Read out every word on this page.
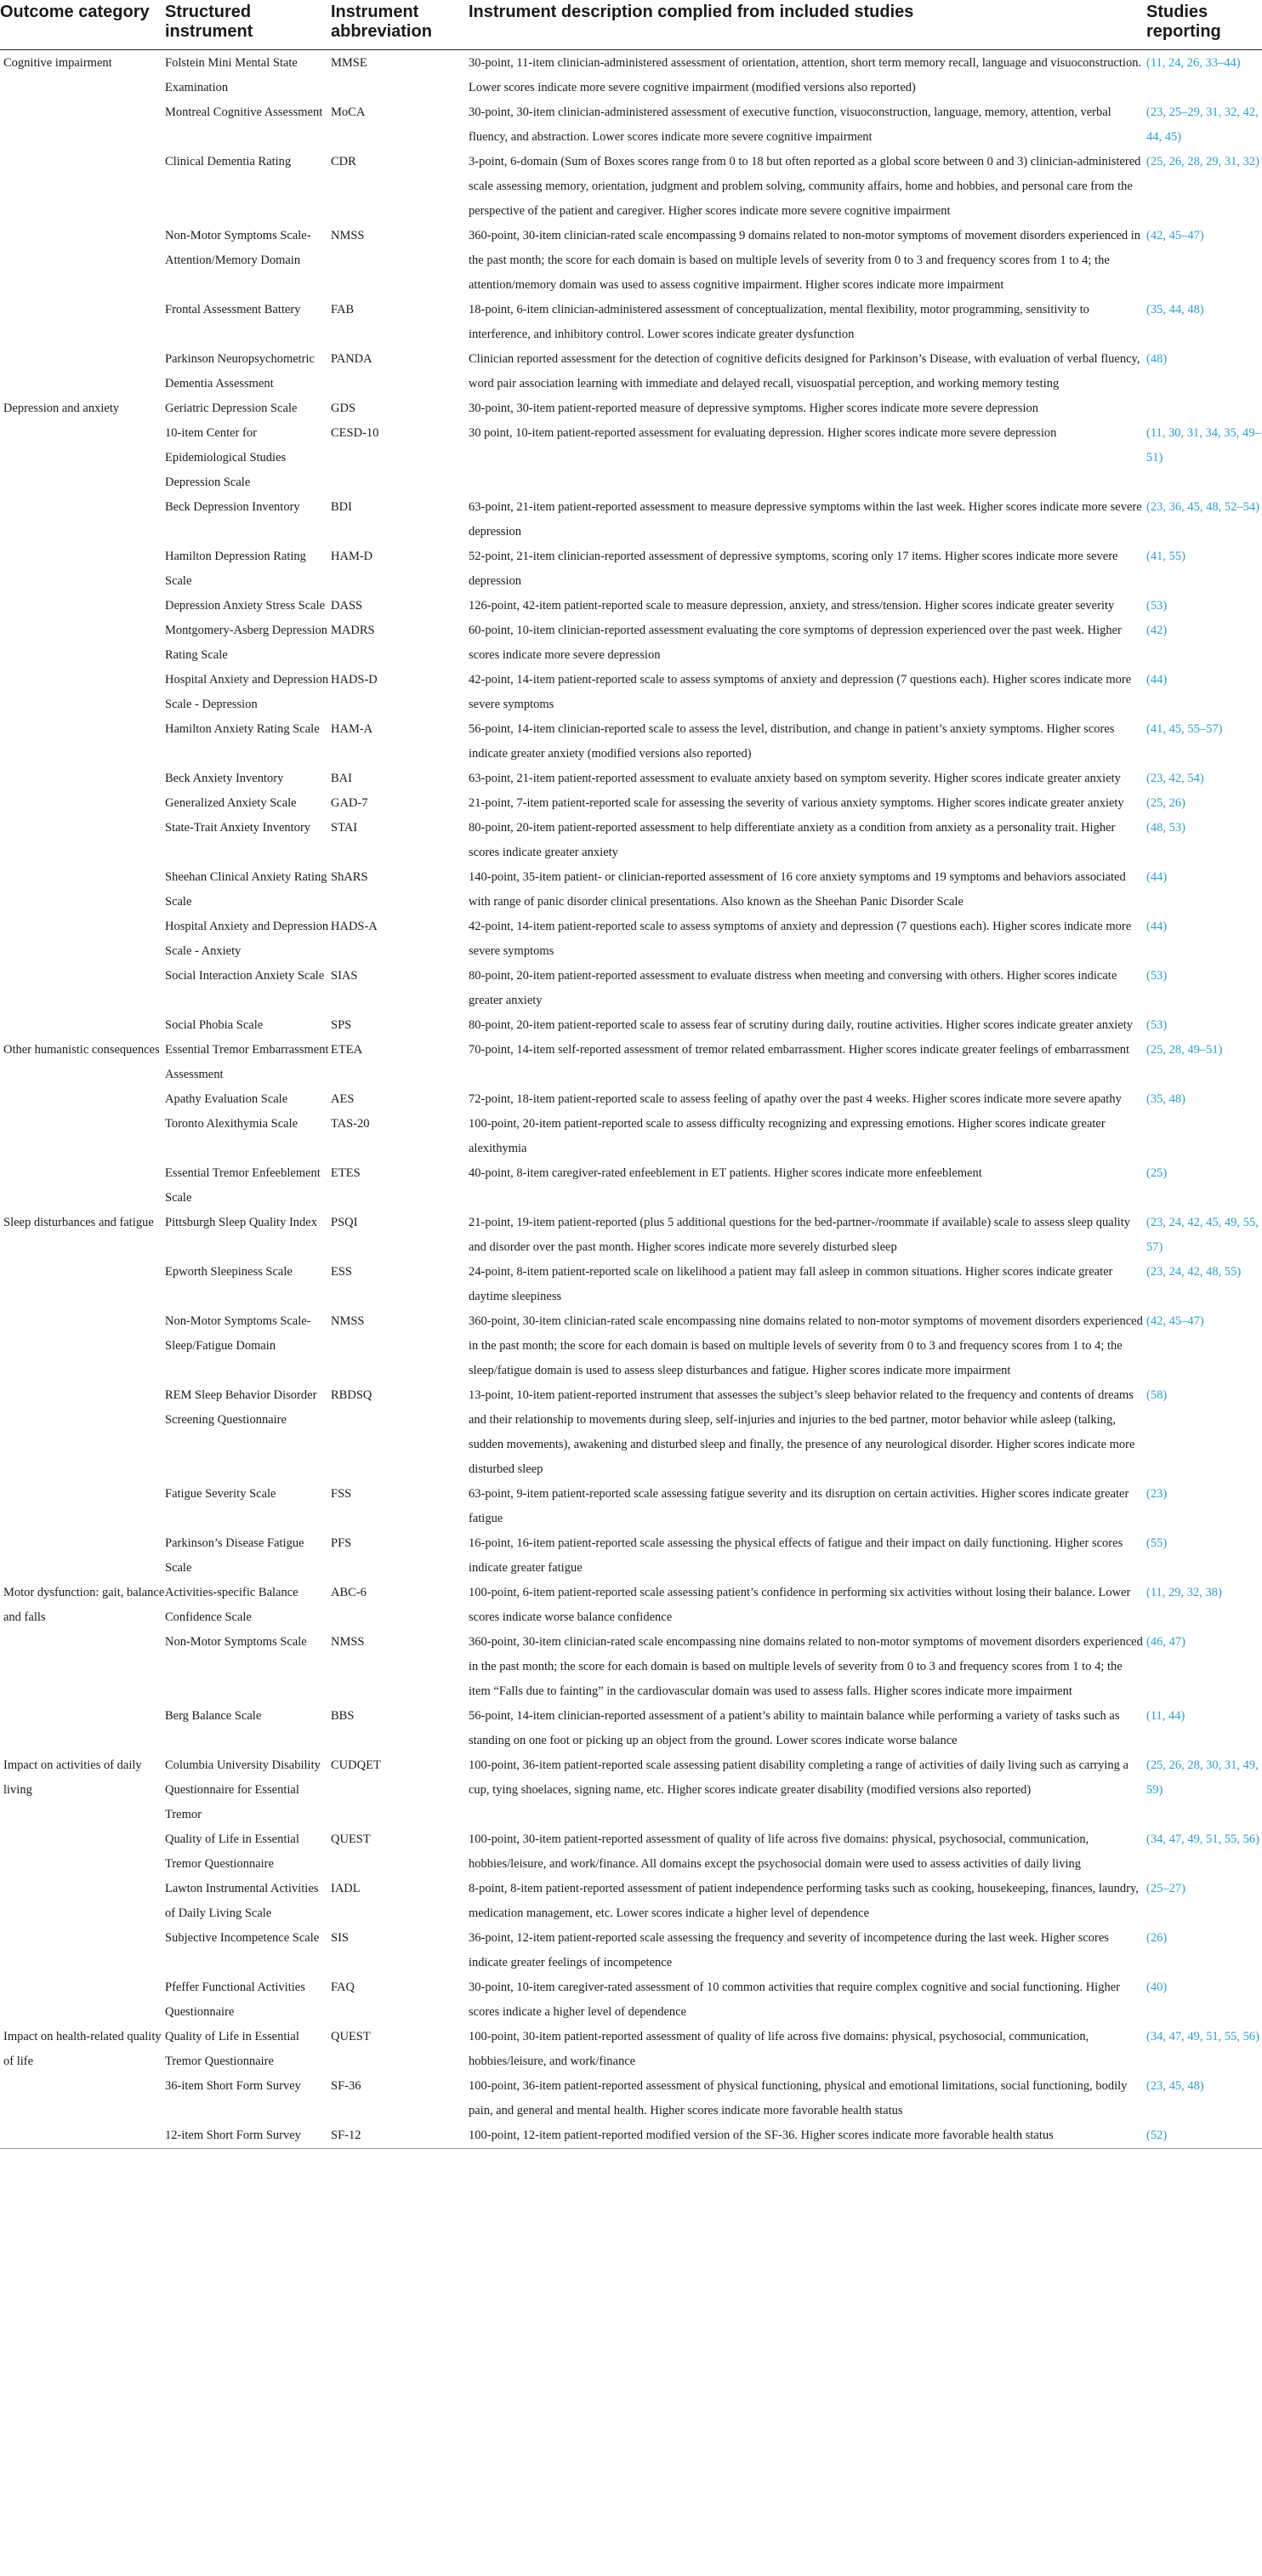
Outcome category	Structured instrument	Instrument abbreviation	Instrument description complied from included studies	Studies reporting
Cognitive impairment	Folstein Mini Mental State Examination	MMSE	30-point, 11-item clinician-administered assessment of orientation, attention, short term memory recall, language and visuoconstruction. Lower scores indicate more severe cognitive impairment (modified versions also reported)	(11, 24, 26, 33–44)
	Montreal Cognitive Assessment	MoCA	30-point, 30-item clinician-administered assessment of executive function, visuoconstruction, language, memory, attention, verbal fluency, and abstraction. Lower scores indicate more severe cognitive impairment	(23, 25–29, 31, 32, 42, 44, 45)
	Clinical Dementia Rating	CDR	3-point, 6-domain (Sum of Boxes scores range from 0 to 18 but often reported as a global score between 0 and 3) clinician-administered scale assessing memory, orientation, judgment and problem solving, community affairs, home and hobbies, and personal care from the perspective of the patient and caregiver. Higher scores indicate more severe cognitive impairment	(25, 26, 28, 29, 31, 32)
	Non-Motor Symptoms Scale-Attention/Memory Domain	NMSS	360-point, 30-item clinician-rated scale encompassing 9 domains related to non-motor symptoms of movement disorders experienced in the past month; the score for each domain is based on multiple levels of severity from 0 to 3 and frequency scores from 1 to 4; the attention/memory domain was used to assess cognitive impairment. Higher scores indicate more impairment	(42, 45–47)
	Frontal Assessment Battery	FAB	18-point, 6-item clinician-administered assessment of conceptualization, mental flexibility, motor programming, sensitivity to interference, and inhibitory control. Lower scores indicate greater dysfunction	(35, 44, 48)
	Parkinson Neuropsychometric Dementia Assessment	PANDA	Clinician reported assessment for the detection of cognitive deficits designed for Parkinson’s Disease, with evaluation of verbal fluency, word pair association learning with immediate and delayed recall, visuospatial perception, and working memory testing	(48)
Depression and anxiety	Geriatric Depression Scale	GDS	30-point, 30-item patient-reported measure of depressive symptoms. Higher scores indicate more severe depression	
	10-item Center for Epidemiological Studies Depression Scale	CESD-10	30 point, 10-item patient-reported assessment for evaluating depression. Higher scores indicate more severe depression	(11, 30, 31, 34, 35, 49–51)
	Beck Depression Inventory	BDI	63-point, 21-item patient-reported assessment to measure depressive symptoms within the last week. Higher scores indicate more severe depression	(23, 36, 45, 48, 52–54)
	Hamilton Depression Rating Scale	HAM-D	52-point, 21-item clinician-reported assessment of depressive symptoms, scoring only 17 items. Higher scores indicate more severe depression	(41, 55)
	Depression Anxiety Stress Scale	DASS	126-point, 42-item patient-reported scale to measure depression, anxiety, and stress/tension. Higher scores indicate greater severity	(53)
	Montgomery-Asberg Depression Rating Scale	MADRS	60-point, 10-item clinician-reported assessment evaluating the core symptoms of depression experienced over the past week. Higher scores indicate more severe depression	(42)
	Hospital Anxiety and Depression Scale - Depression	HADS-D	42-point, 14-item patient-reported scale to assess symptoms of anxiety and depression (7 questions each). Higher scores indicate more severe symptoms	(44)
	Hamilton Anxiety Rating Scale	HAM-A	56-point, 14-item clinician-reported scale to assess the level, distribution, and change in patient’s anxiety symptoms. Higher scores indicate greater anxiety (modified versions also reported)	(41, 45, 55–57)
	Beck Anxiety Inventory	BAI	63-point, 21-item patient-reported assessment to evaluate anxiety based on symptom severity. Higher scores indicate greater anxiety	(23, 42, 54)
	Generalized Anxiety Scale	GAD-7	21-point, 7-item patient-reported scale for assessing the severity of various anxiety symptoms. Higher scores indicate greater anxiety	(25, 26)
	State-Trait Anxiety Inventory	STAI	80-point, 20-item patient-reported assessment to help differentiate anxiety as a condition from anxiety as a personality trait. Higher scores indicate greater anxiety	(48, 53)
	Sheehan Clinical Anxiety Rating Scale	ShARS	140-point, 35-item patient- or clinician-reported assessment of 16 core anxiety symptoms and 19 symptoms and behaviors associated with range of panic disorder clinical presentations. Also known as the Sheehan Panic Disorder Scale	(44)
	Hospital Anxiety and Depression Scale - Anxiety	HADS-A	42-point, 14-item patient-reported scale to assess symptoms of anxiety and depression (7 questions each). Higher scores indicate more severe symptoms	(44)
	Social Interaction Anxiety Scale	SIAS	80-point, 20-item patient-reported assessment to evaluate distress when meeting and conversing with others. Higher scores indicate greater anxiety	(53)
	Social Phobia Scale	SPS	80-point, 20-item patient-reported scale to assess fear of scrutiny during daily, routine activities. Higher scores indicate greater anxiety	(53)
Other humanistic consequences	Essential Tremor Embarrassment Assessment	ETEA	70-point, 14-item self-reported assessment of tremor related embarrassment. Higher scores indicate greater feelings of embarrassment	(25, 28, 49–51)
	Apathy Evaluation Scale	AES	72-point, 18-item patient-reported scale to assess feeling of apathy over the past 4 weeks. Higher scores indicate more severe apathy	(35, 48)
	Toronto Alexithymia Scale	TAS-20	100-point, 20-item patient-reported scale to assess difficulty recognizing and expressing emotions. Higher scores indicate greater alexithymia	
	Essential Tremor Enfeeblement Scale	ETES	40-point, 8-item caregiver-rated enfeeblement in ET patients. Higher scores indicate more enfeeblement	(25)
Sleep disturbances and fatigue	Pittsburgh Sleep Quality Index	PSQI	21-point, 19-item patient-reported (plus 5 additional questions for the bed-partner-/roommate if available) scale to assess sleep quality and disorder over the past month. Higher scores indicate more severely disturbed sleep	(23, 24, 42, 45, 49, 55, 57)
	Epworth Sleepiness Scale	ESS	24-point, 8-item patient-reported scale on likelihood a patient may fall asleep in common situations. Higher scores indicate greater daytime sleepiness	(23, 24, 42, 48, 55)
	Non-Motor Symptoms Scale-Sleep/Fatigue Domain	NMSS	360-point, 30-item clinician-rated scale encompassing nine domains related to non-motor symptoms of movement disorders experienced in the past month; the score for each domain is based on multiple levels of severity from 0 to 3 and frequency scores from 1 to 4; the sleep/fatigue domain is used to assess sleep disturbances and fatigue. Higher scores indicate more impairment	(42, 45–47)
	REM Sleep Behavior Disorder Screening Questionnaire	RBDSQ	13-point, 10-item patient-reported instrument that assesses the subject’s sleep behavior related to the frequency and contents of dreams and their relationship to movements during sleep, self-injuries and injuries to the bed partner, motor behavior while asleep (talking, sudden movements), awakening and disturbed sleep and finally, the presence of any neurological disorder. Higher scores indicate more disturbed sleep	(58)
	Fatigue Severity Scale	FSS	63-point, 9-item patient-reported scale assessing fatigue severity and its disruption on certain activities. Higher scores indicate greater fatigue	(23)
	Parkinson’s Disease Fatigue Scale	PFS	16-point, 16-item patient-reported scale assessing the physical effects of fatigue and their impact on daily functioning. Higher scores indicate greater fatigue	(55)
Motor dysfunction: gait, balance and falls	Activities-specific Balance Confidence Scale	ABC-6	100-point, 6-item patient-reported scale assessing patient’s confidence in performing six activities without losing their balance. Lower scores indicate worse balance confidence	(11, 29, 32, 38)
	Non-Motor Symptoms Scale	NMSS	360-point, 30-item clinician-rated scale encompassing nine domains related to non-motor symptoms of movement disorders experienced in the past month; the score for each domain is based on multiple levels of severity from 0 to 3 and frequency scores from 1 to 4; the item “Falls due to fainting” in the cardiovascular domain was used to assess falls. Higher scores indicate more impairment	(46, 47)
	Berg Balance Scale	BBS	56-point, 14-item clinician-reported assessment of a patient’s ability to maintain balance while performing a variety of tasks such as standing on one foot or picking up an object from the ground. Lower scores indicate worse balance	(11, 44)
Impact on activities of daily living	Columbia University Disability Questionnaire for Essential Tremor	CUDQET	100-point, 36-item patient-reported scale assessing patient disability completing a range of activities of daily living such as carrying a cup, tying shoelaces, signing name, etc. Higher scores indicate greater disability (modified versions also reported)	(25, 26, 28, 30, 31, 49, 59)
	Quality of Life in Essential Tremor Questionnaire	QUEST	100-point, 30-item patient-reported assessment of quality of life across five domains: physical, psychosocial, communication, hobbies/leisure, and work/finance. All domains except the psychosocial domain were used to assess activities of daily living	(34, 47, 49, 51, 55, 56)
	Lawton Instrumental Activities of Daily Living Scale	IADL	8-point, 8-item patient-reported assessment of patient independence performing tasks such as cooking, housekeeping, finances, laundry, medication management, etc. Lower scores indicate a higher level of dependence	(25–27)
	Subjective Incompetence Scale	SIS	36-point, 12-item patient-reported scale assessing the frequency and severity of incompetence during the last week. Higher scores indicate greater feelings of incompetence	(26)
	Pfeffer Functional Activities Questionnaire	FAQ	30-point, 10-item caregiver-rated assessment of 10 common activities that require complex cognitive and social functioning. Higher scores indicate a higher level of dependence	(40)
Impact on health-related quality of life	Quality of Life in Essential Tremor Questionnaire	QUEST	100-point, 30-item patient-reported assessment of quality of life across five domains: physical, psychosocial, communication, hobbies/leisure, and work/finance	(34, 47, 49, 51, 55, 56)
	36-item Short Form Survey	SF-36	100-point, 36-item patient-reported assessment of physical functioning, physical and emotional limitations, social functioning, bodily pain, and general and mental health. Higher scores indicate more favorable health status	(23, 45, 48)
	12-item Short Form Survey	SF-12	100-point, 12-item patient-reported modified version of the SF-36. Higher scores indicate more favorable health status	(52)
